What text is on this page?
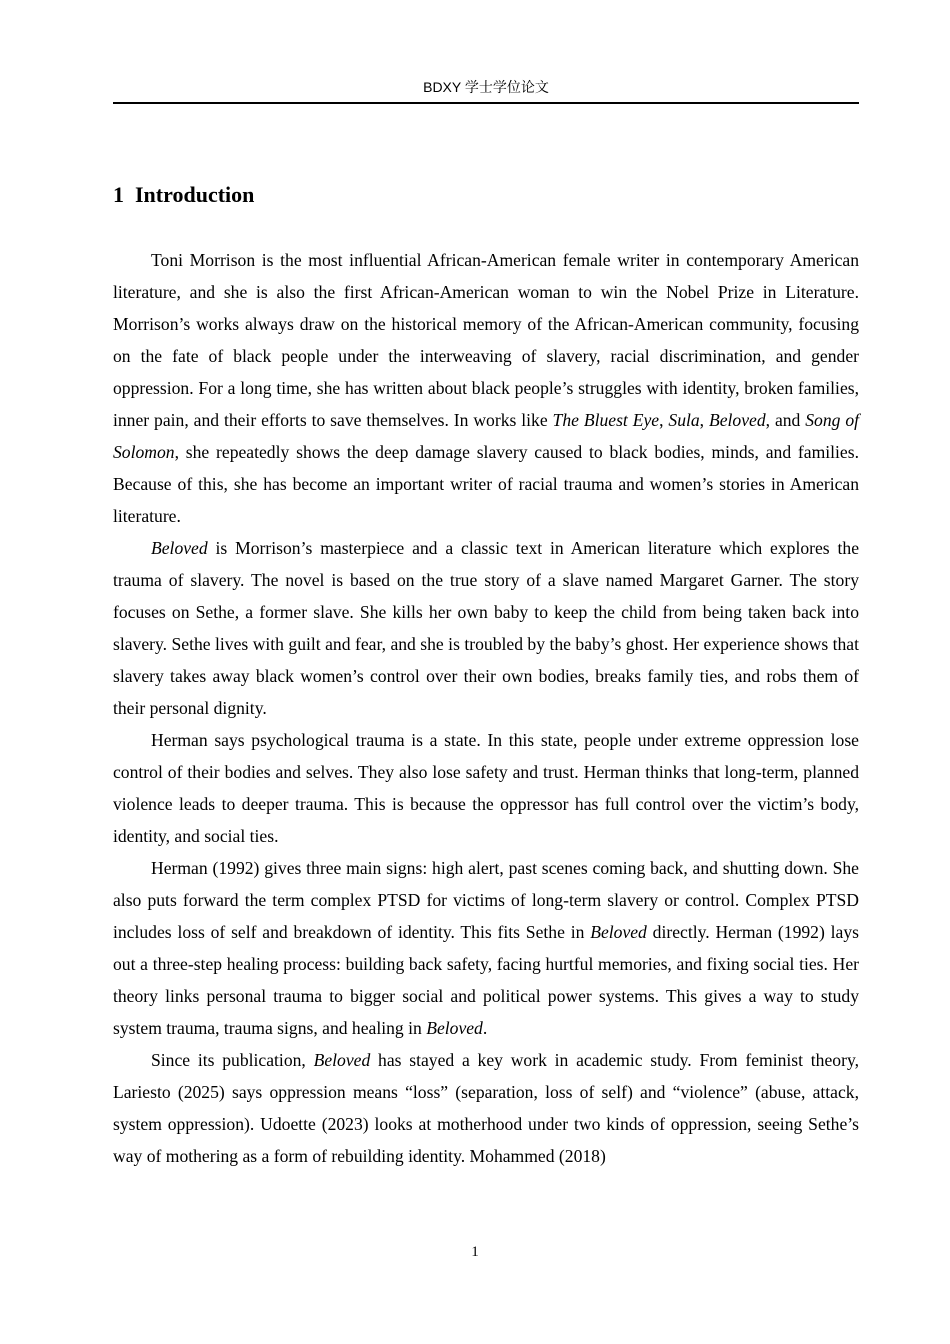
BDXY 学士学位论文
1  Introduction

Toni Morrison is the most influential African-American female writer in contemporary American literature, and she is also the first African-American woman to win the Nobel Prize in Literature. Morrison’s works always draw on the historical memory of the African-American community, focusing on the fate of black people under the interweaving of slavery, racial discrimination, and gender oppression. For a long time, she has written about black people’s struggles with identity, broken families, inner pain, and their efforts to save themselves. In works like The Bluest Eye, Sula, Beloved, and Song of Solomon, she repeatedly shows the deep damage slavery caused to black bodies, minds, and families. Because of this, she has become an important writer of racial trauma and women’s stories in American literature.

Beloved is Morrison’s masterpiece and a classic text in American literature which explores the trauma of slavery. The novel is based on the true story of a slave named Margaret Garner. The story focuses on Sethe, a former slave. She kills her own baby to keep the child from being taken back into slavery. Sethe lives with guilt and fear, and she is troubled by the baby’s ghost. Her experience shows that slavery takes away black women’s control over their own bodies, breaks family ties, and robs them of their personal dignity.

Herman says psychological trauma is a state. In this state, people under extreme oppression lose control of their bodies and selves. They also lose safety and trust. Herman thinks that long-term, planned violence leads to deeper trauma. This is because the oppressor has full control over the victim’s body, identity, and social ties.

Herman (1992) gives three main signs: high alert, past scenes coming back, and shutting down. She also puts forward the term complex PTSD for victims of long-term slavery or control. Complex PTSD includes loss of self and breakdown of identity. This fits Sethe in Beloved directly. Herman (1992) lays out a three-step healing process: building back safety, facing hurtful memories, and fixing social ties. Her theory links personal trauma to bigger social and political power systems. This gives a way to study system trauma, trauma signs, and healing in Beloved.

Since its publication, Beloved has stayed a key work in academic study. From feminist theory, Lariesto (2025) says oppression means “loss” (separation, loss of self) and “violence” (abuse, attack, system oppression). Udoette (2023) looks at motherhood under two kinds of oppression, seeing Sethe’s way of mothering as a form of rebuilding identity. Mohammed (2018)

1
